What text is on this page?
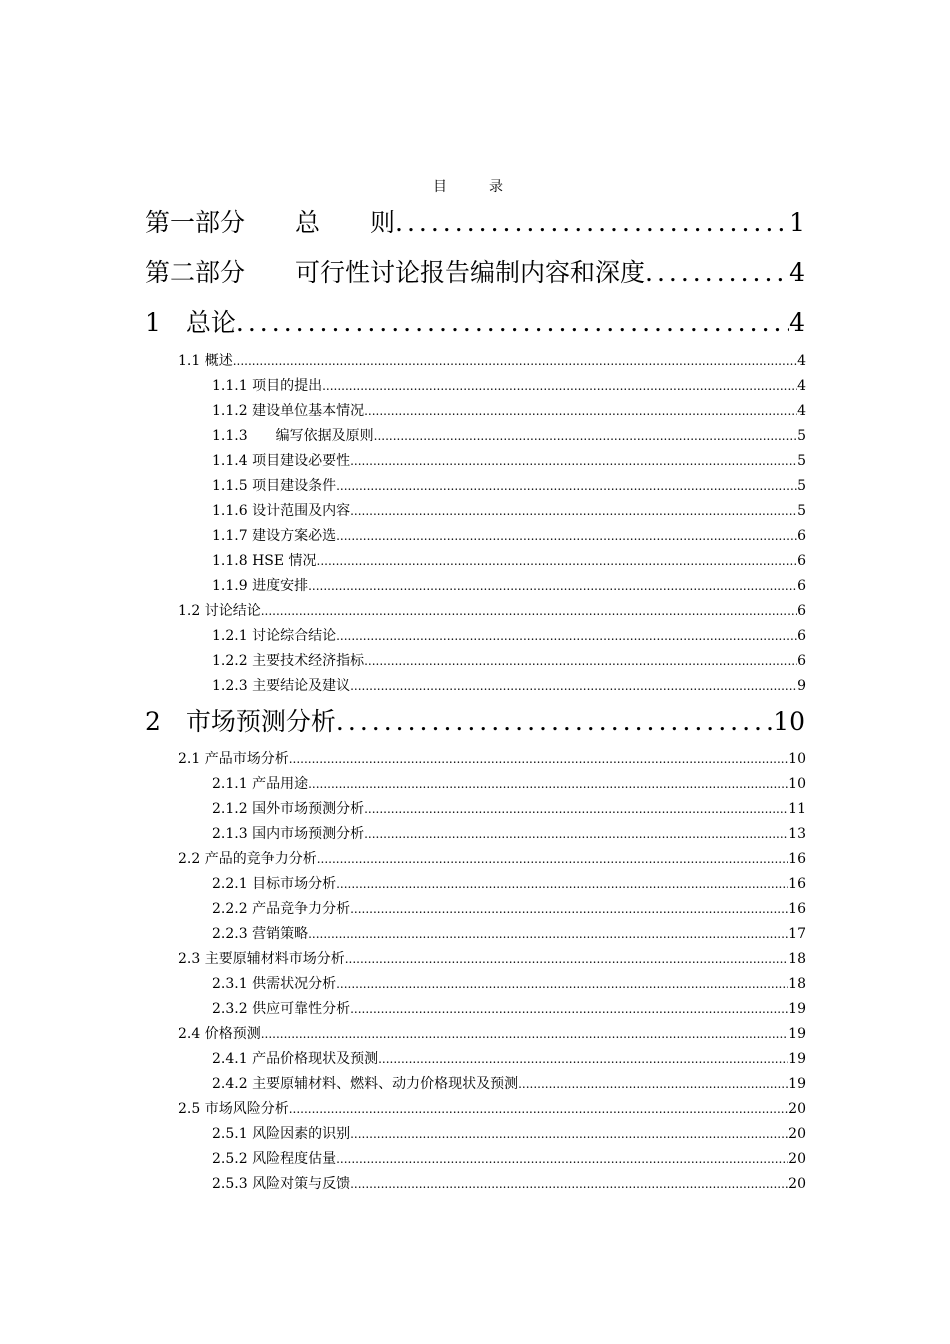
目　录
第一部分　　总　　则 .....	1
第二部分　　可行性讨论报告编制内容和深度 .....	4
1　总论 .....	4
1.1 概述 .....	4
1.1.1 项目的提出 .....	4
1.1.2 建设单位基本情况 .....	4
1.1.3　　编写依据及原则 .....	5
1.1.4 项目建设必要性 .....	5
1.1.5 项目建设条件 .....	5
1.1.6 设计范围及内容 .....	5
1.1.7 建设方案必选 .....	6
1.1.8 HSE 情况 .....	6
1.1.9 进度安排 .....	6
1.2 讨论结论 .....	6
1.2.1 讨论综合结论 .....	6
1.2.2 主要技术经济指标 .....	6
1.2.3 主要结论及建议 .....	9
2　市场预测分析 .....	10
2.1 产品市场分析 .....	10
2.1.1 产品用途 .....	10
2.1.2 国外市场预测分析 .....	11
2.1.3 国内市场预测分析 .....	13
2.2 产品的竞争力分析 .....	16
2.2.1 目标市场分析 .....	16
2.2.2 产品竞争力分析 .....	16
2.2.3 营销策略 .....	17
2.3 主要原辅材料市场分析 .....	18
2.3.1 供需状况分析 .....	18
2.3.2 供应可靠性分析 .....	19
2.4 价格预测 .....	19
2.4.1 产品价格现状及预测 .....	19
2.4.2 主要原辅材料、燃料、动力价格现状及预测 .....	19
2.5 市场风险分析 .....	20
2.5.1 风险因素的识别 .....	20
2.5.2 风险程度估量 .....	20
2.5.3 风险对策与反馈 .....	20
